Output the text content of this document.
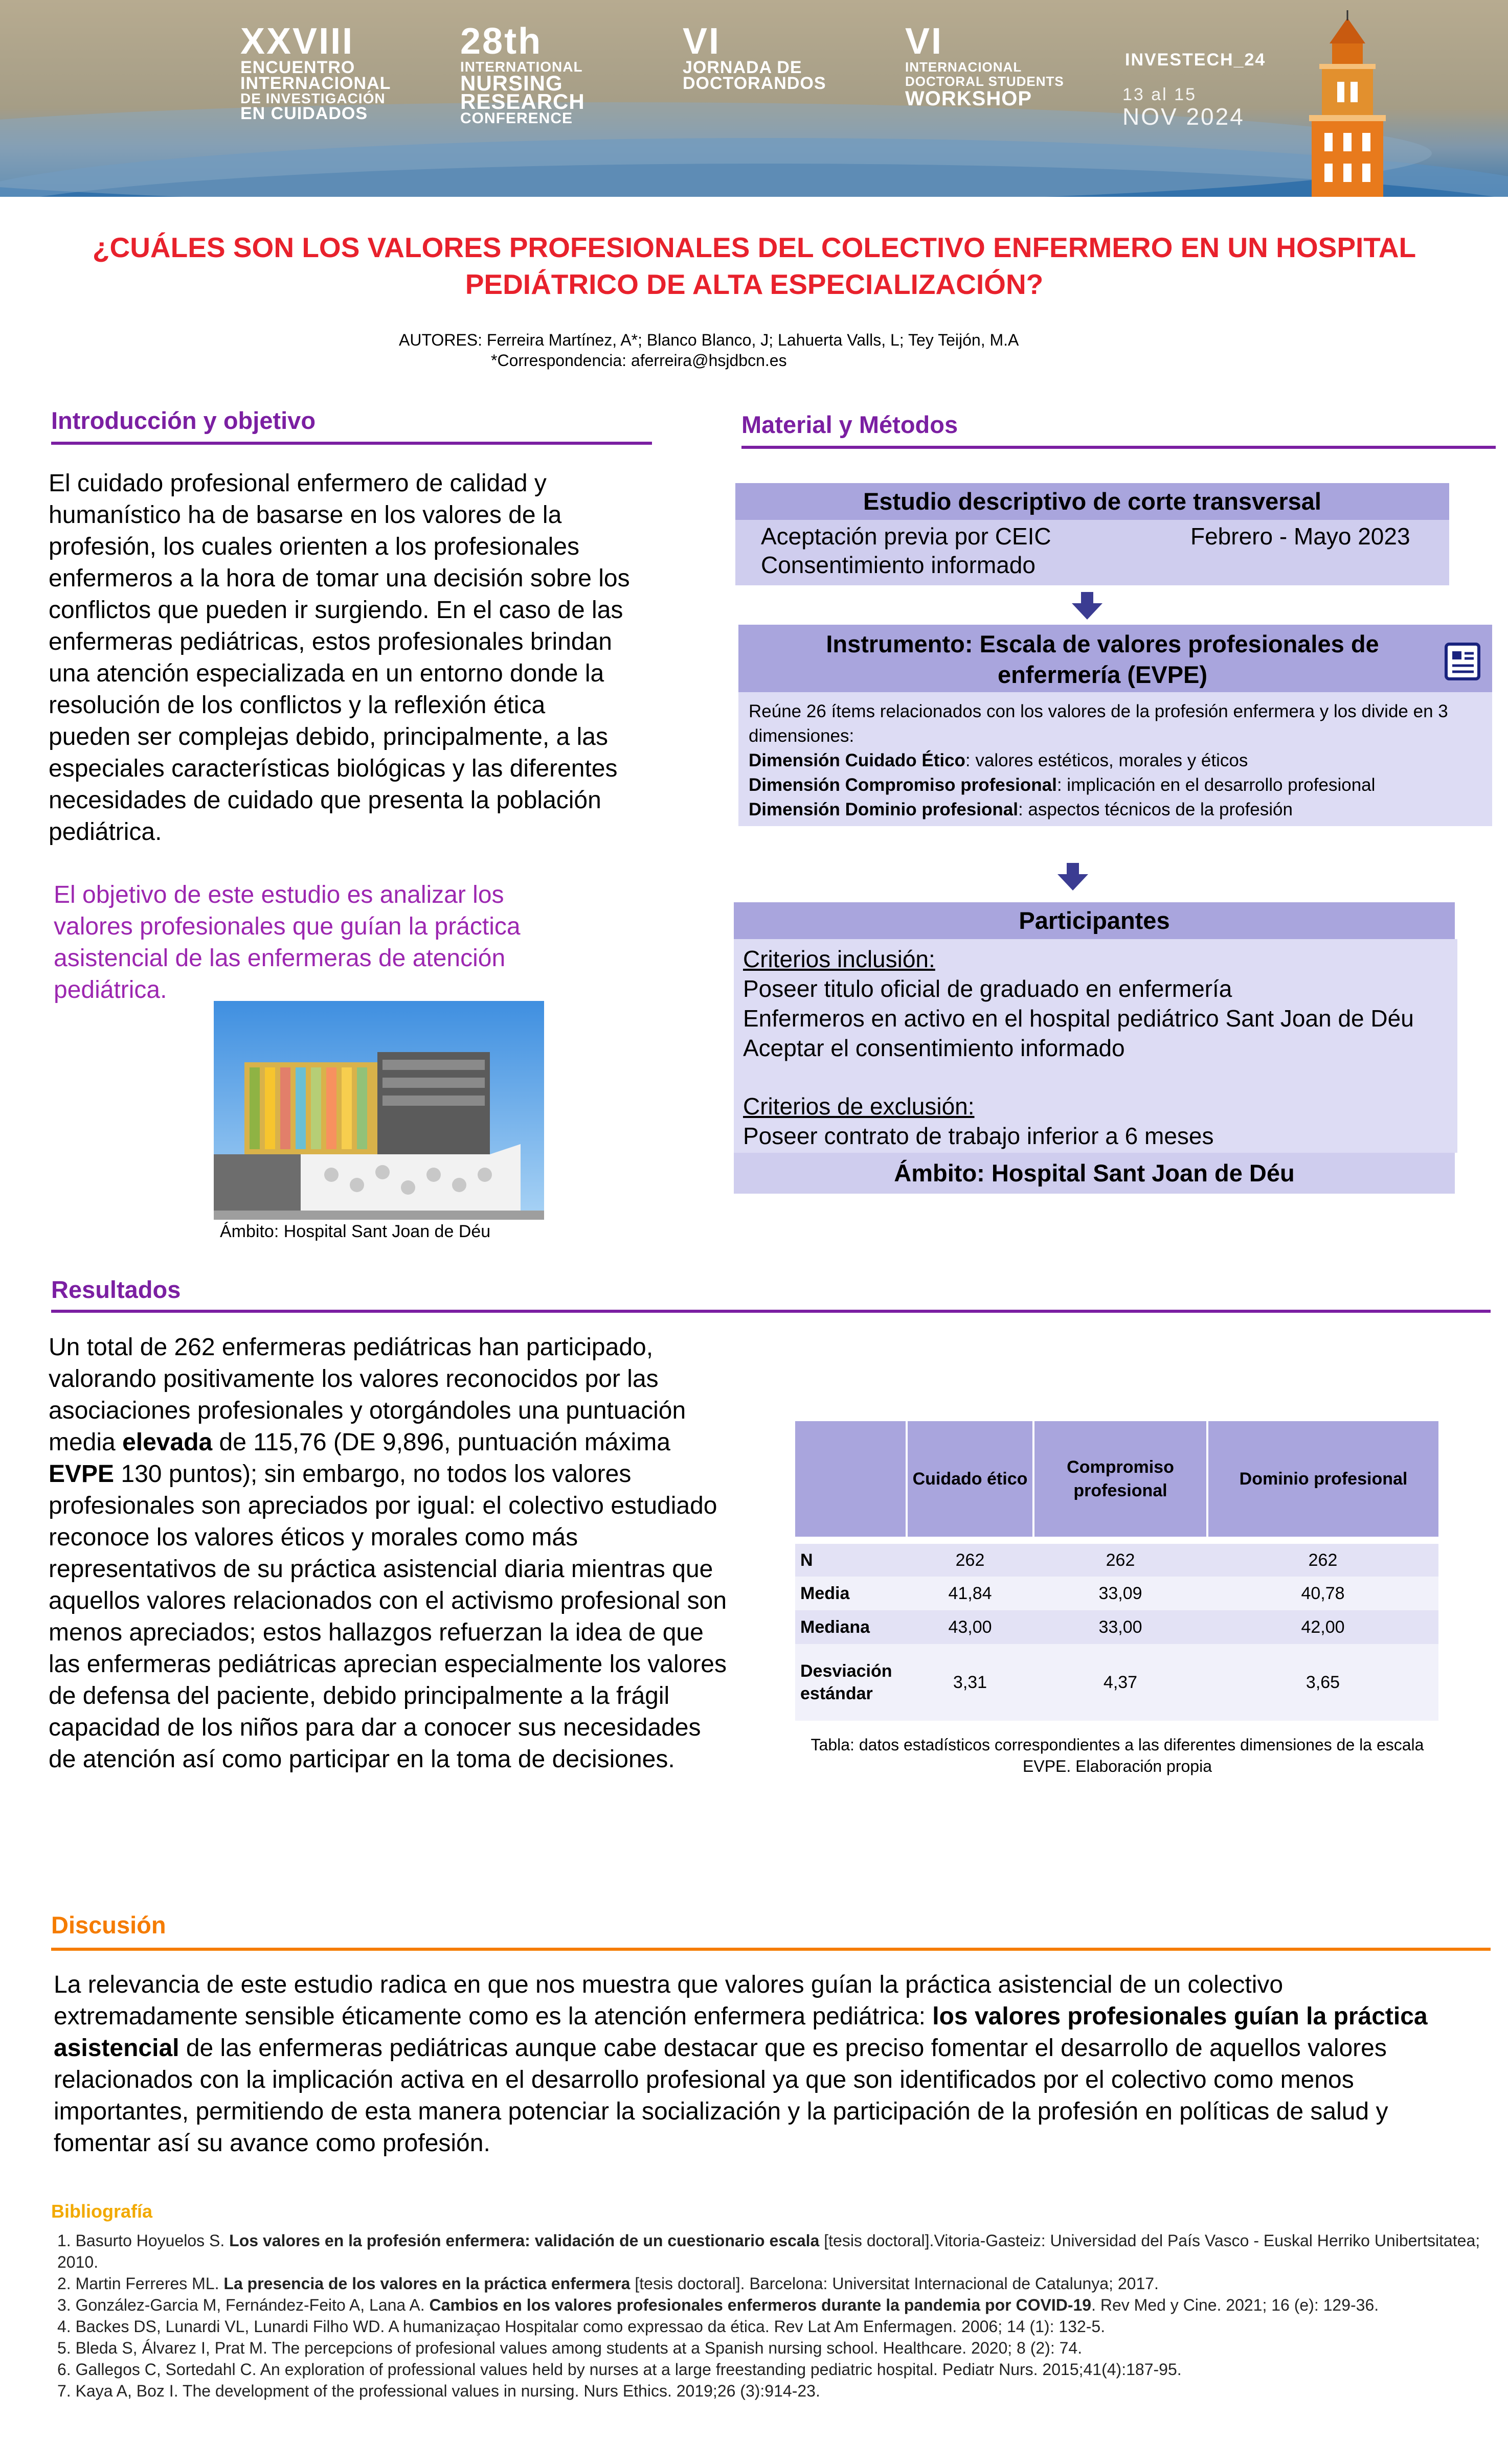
XXVIII
ENCUENTRO
INTERNACIONAL
DE INVESTIGACIÓN
EN CUIDADOS
28th
INTERNATIONAL
NURSING
RESEARCH
CONFERENCE
VI
JORNADA DE
DOCTORANDOS
VI
INTERNACIONAL
DOCTORAL STUDENTS
WORKSHOP
INVESTECH_24
13 al 15
NOV 2024
¿CUÁLES SON LOS VALORES PROFESIONALES DEL COLECTIVO ENFERMERO EN UN HOSPITAL PEDIÁTRICO DE ALTA ESPECIALIZACIÓN?
AUTORES: Ferreira Martínez, A*; Blanco Blanco, J; Lahuerta Valls, L; Tey Teijón, M.A
*Correspondencia: aferreira@hsjdbcn.es
Introducción y objetivo
El cuidado profesional enfermero de calidad y humanístico ha de basarse en los valores de la profesión, los cuales orienten a los profesionales enfermeros a la hora de tomar una decisión sobre los conflictos que pueden ir surgiendo. En el caso de las enfermeras pediátricas, estos profesionales brindan una atención especializada en un entorno donde la resolución de los conflictos y la reflexión ética pueden ser complejas debido, principalmente, a las especiales características biológicas y las diferentes necesidades de cuidado que presenta la población pediátrica.
El objetivo de este estudio es analizar los valores profesionales que guían la práctica asistencial de las enfermeras de atención pediátrica.
Ámbito: Hospital Sant Joan de Déu
Material y Métodos
Estudio descriptivo de corte transversal
Aceptación previa por CEIC
Consentimiento informado
Febrero - Mayo 2023
Instrumento: Escala de valores profesionales de enfermería (EVPE)
Reúne 26 ítems relacionados con los valores de la profesión enfermera y los divide en 3 dimensiones:
Dimensión Cuidado Ético: valores estéticos, morales y éticos
Dimensión Compromiso profesional: implicación en el desarrollo profesional
Dimensión Dominio profesional: aspectos técnicos de la profesión
Participantes
Criterios inclusión:
Poseer titulo oficial de graduado en enfermería
Enfermeros en activo en el hospital pediátrico Sant Joan de Déu
Aceptar el consentimiento informado
Criterios de exclusión:
Poseer contrato de trabajo inferior a 6 meses
Ámbito: Hospital Sant Joan de Déu
Resultados
Un total de 262 enfermeras pediátricas han participado, valorando positivamente los valores reconocidos por las asociaciones profesionales y otorgándoles una puntuación media elevada de 115,76 (DE 9,896, puntuación máxima EVPE 130 puntos); sin embargo, no todos los valores profesionales son apreciados por igual: el colectivo estudiado reconoce los valores éticos y morales como más representativos de su práctica asistencial diaria mientras que aquellos valores relacionados con el activismo profesional son menos apreciados; estos hallazgos refuerzan la idea de que las enfermeras pediátricas aprecian especialmente los valores de defensa del paciente, debido principalmente a la frágil capacidad de los niños para dar a conocer sus necesidades de atención así como participar en la toma de decisiones.
	Cuidado ético	Compromiso profesional	Dominio profesional

N	262	262	262
Media	41,84	33,09	40,78
Mediana	43,00	33,00	42,00
Desviación estándar	3,31	4,37	3,65
Tabla: datos estadísticos correspondientes a las diferentes dimensiones de la escala EVPE. Elaboración propia
Discusión
La relevancia de este estudio radica en que nos muestra que valores guían la práctica asistencial de un colectivo extremadamente sensible éticamente como es la atención enfermera pediátrica: los valores profesionales guían la práctica asistencial de las enfermeras pediátricas aunque cabe destacar que es preciso fomentar el desarrollo de aquellos valores relacionados con la implicación activa en el desarrollo profesional ya que son identificados por el colectivo como menos importantes, permitiendo de esta manera potenciar la socialización y la participación de la profesión en políticas de salud y fomentar así su avance como profesión.
Bibliografía
1. Basurto Hoyuelos S. Los valores en la profesión enfermera: validación de un cuestionario escala [tesis doctoral].Vitoria-Gasteiz: Universidad del País Vasco - Euskal Herriko Unibertsitatea; 2010.
2. Martin Ferreres ML. La presencia de los valores en la práctica enfermera [tesis doctoral]. Barcelona: Universitat Internacional de Catalunya; 2017.
3. González-Garcia M, Fernández-Feito A, Lana A. Cambios en los valores profesionales enfermeros durante la pandemia por COVID-19. Rev Med y Cine. 2021; 16 (e): 129-36.
4. Backes DS, Lunardi VL, Lunardi Filho WD. A humanizaçao Hospitalar como expressao da ética. Rev Lat Am Enfermagen. 2006; 14 (1): 132-5.
5. Bleda S, Álvarez I, Prat M. The percepcions of profesional values among students at a Spanish nursing school. Healthcare. 2020; 8 (2): 74.
6. Gallegos C, Sortedahl C. An exploration of professional values held by nurses at a large freestanding pediatric hospital. Pediatr Nurs. 2015;41(4):187-95.
7. Kaya A, Boz I. The development of the professional values in nursing. Nurs Ethics. 2019;26 (3):914-23.
